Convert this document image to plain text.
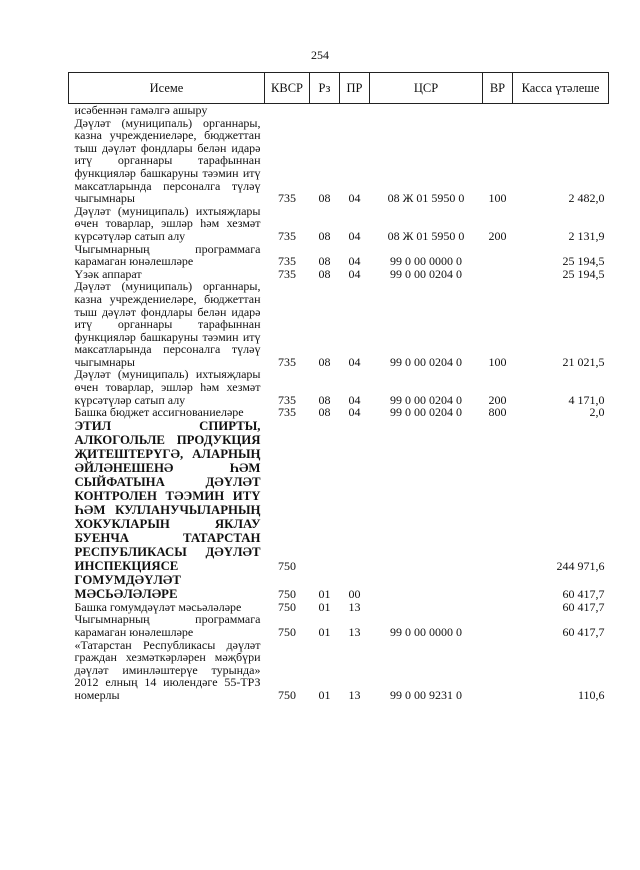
254
Исеме	КВСР	Рз	ПР	ЦСР	ВР	Касса үтәлеше
исәбеннән гамәлгә ашыру						
Дәүләт (муниципаль) органнары, казна учреждениеләре, бюджеттан тыш дәүләт фондлары белән идарә итү органнары тарафыннан функцияләр башкаруны тәэмин итү максатларында персоналга түләү чыгымнары	735	08	04	08 Ж 01 5950 0	100	2 482,0
Дәүләт (муниципаль) ихтыяҗлары өчен товарлар, эшләр һәм хезмәт күрсәтүләр сатып алу	735	08	04	08 Ж 01 5950 0	200	2 131,9
Чыгымнарның программага карамаган юнәлешләре	735	08	04	99 0 00 0000 0		25 194,5
Үзәк аппарат	735	08	04	99 0 00 0204 0		25 194,5
Дәүләт (муниципаль) органнары, казна учреждениеләре, бюджеттан тыш дәүләт фондлары белән идарә итү органнары тарафыннан функцияләр башкаруны тәэмин итү максатларында персоналга түләү чыгымнары	735	08	04	99 0 00 0204 0	100	21 021,5
Дәүләт (муниципаль) ихтыяҗлары өчен товарлар, эшләр һәм хезмәт күрсәтүләр сатып алу	735	08	04	99 0 00 0204 0	200	4 171,0
Башка бюджет ассигнованиеләре	735	08	04	99 0 00 0204 0	800	2,0
ЭТИЛ СПИРТЫ, АЛКОГОЛЬЛЕ ПРОДУКЦИЯ ҖИТЕШТЕРҮГӘ, АЛАРНЫҢ ӘЙЛӘНЕШЕНӘ ҺӘМ СЫЙФАТЫНА ДӘҮЛӘТ КОНТРОЛЕН ТӘЭМИН ИТҮ ҺӘМ КУЛЛАНУЧЫЛАРНЫҢ ХОКУКЛАРЫН ЯКЛАУ БУЕНЧА ТАТАРСТАН РЕСПУБЛИКАСЫ ДӘҮЛӘТ ИНСПЕКЦИЯСЕ	750					244 971,6
ГОМУМДӘҮЛӘТ МӘСЬӘЛӘЛӘРЕ	750	01	00			60 417,7
Башка гомумдәүләт мәсьәләләре	750	01	13			60 417,7
Чыгымнарның программага карамаган юнәлешләре	750	01	13	99 0 00 0000 0		60 417,7
«Татарстан Республикасы дәүләт граждан хезмәткәрләрен мәҗбүри дәүләт иминләштерүе турында» 2012 елның 14 июлендәге 55-ТРЗ номерлы	750	01	13	99 0 00 9231 0		110,6
